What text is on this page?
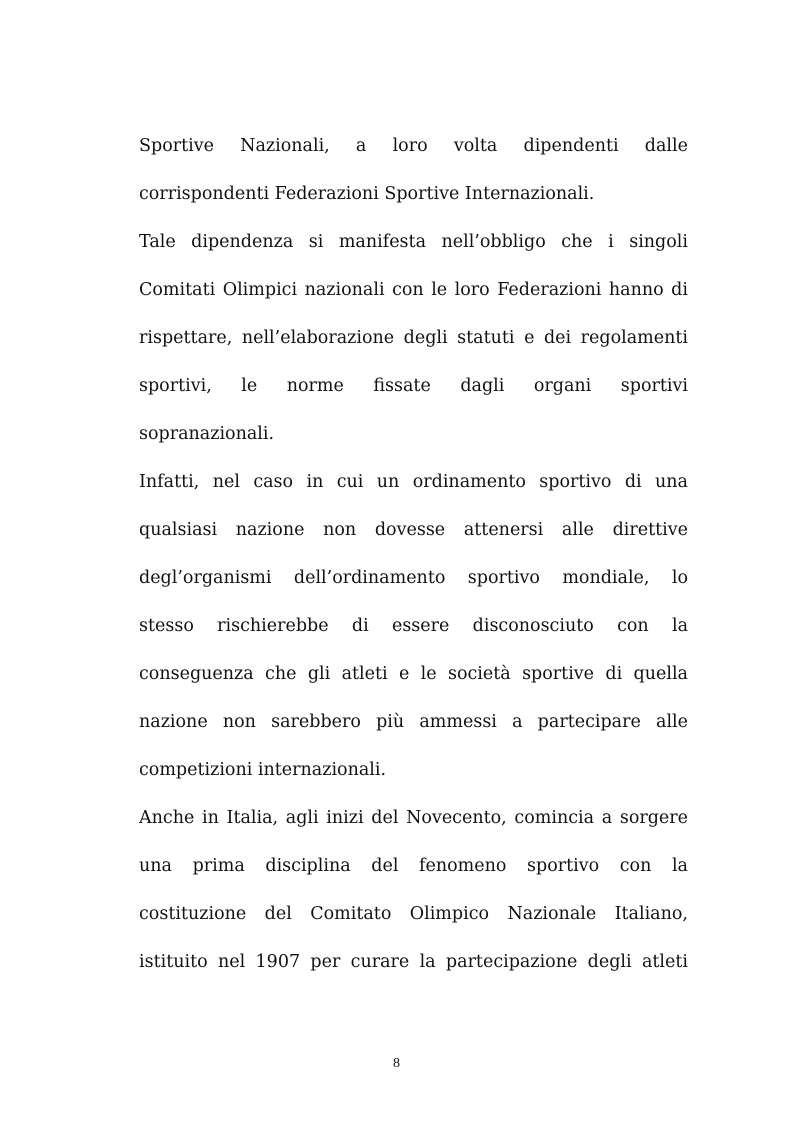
Sportive Nazionali, a loro volta dipendenti dalle
corrispondenti Federazioni Sportive Internazionali.
Tale dipendenza si manifesta nell’obbligo che i singoli
Comitati Olimpici nazionali con le loro Federazioni hanno di
rispettare, nell’elaborazione degli statuti e dei regolamenti
sportivi, le norme fissate dagli organi sportivi
sopranazionali.
Infatti, nel caso in cui un ordinamento sportivo di una
qualsiasi nazione non dovesse attenersi alle direttive
degl’organismi dell’ordinamento sportivo mondiale, lo
stesso rischierebbe di essere disconosciuto con la
conseguenza che gli atleti e le società sportive di quella
nazione non sarebbero più ammessi a partecipare alle
competizioni internazionali.
Anche in Italia, agli inizi del Novecento, comincia a sorgere
una prima disciplina del fenomeno sportivo con la
costituzione del Comitato Olimpico Nazionale Italiano,
istituito nel 1907 per curare la partecipazione degli atleti
8
